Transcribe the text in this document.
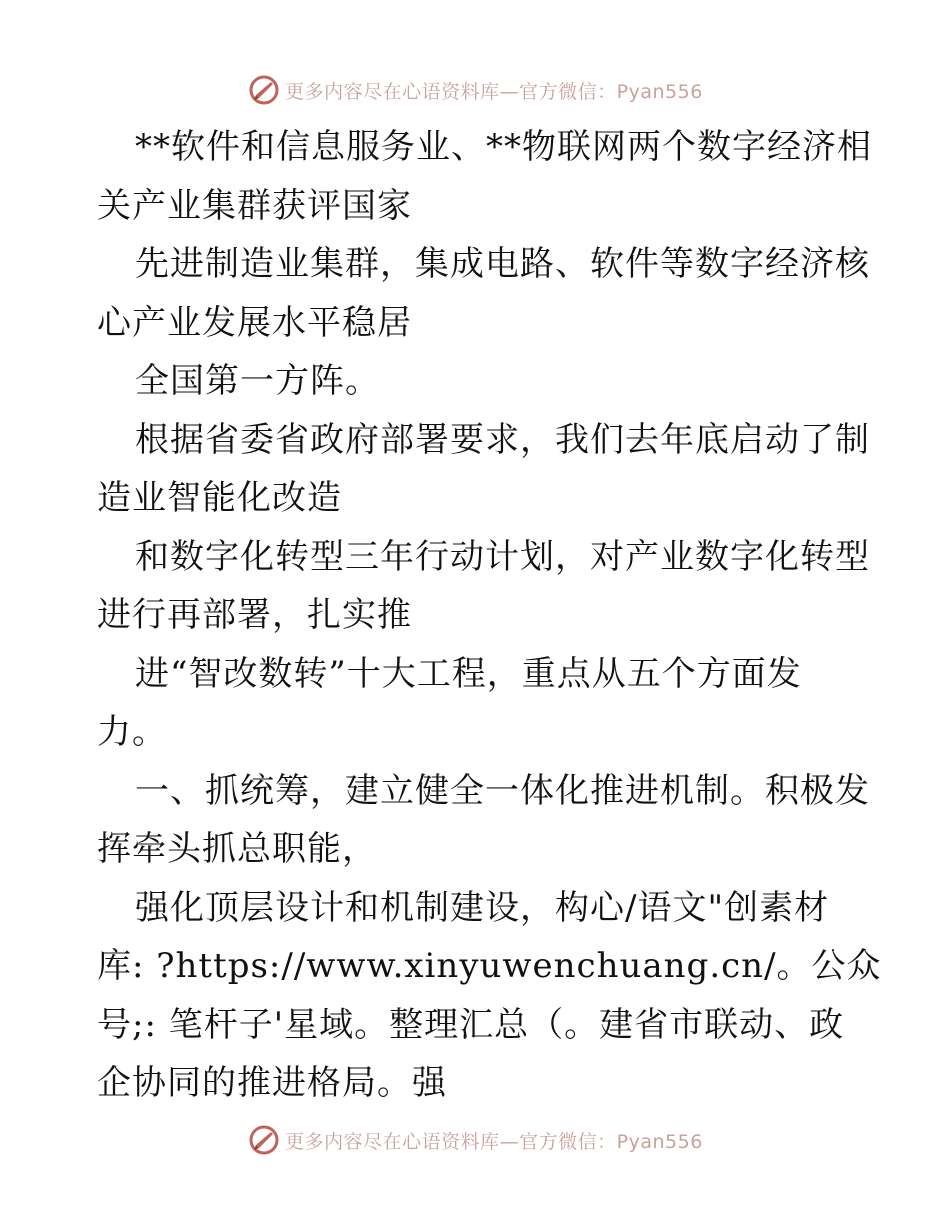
更多内容尽在心语资料库—官方微信：Pyan556
**软件和信息服务业、**物联网两个数字经济相
关产业集群获评国家
先进制造业集群，集成电路、软件等数字经济核
心产业发展水平稳居
全国第一方阵。
根据省委省政府部署要求，我们去年底启动了制
造业智能化改造
和数字化转型三年行动计划，对产业数字化转型
进行再部署，扎实推
进“智改数转”十大工程，重点从五个方面发
力。
一、抓统筹，建立健全一体化推进机制。积极发
挥牵头抓总职能，
强化顶层设计和机制建设，构心/语文"创素材
库: ?https://www.xinyuwenchuang.cn/。公众
号;: 笔杆子'星域。整理汇总（。建省市联动、政
企协同的推进格局。强
更多内容尽在心语资料库—官方微信：Pyan556
